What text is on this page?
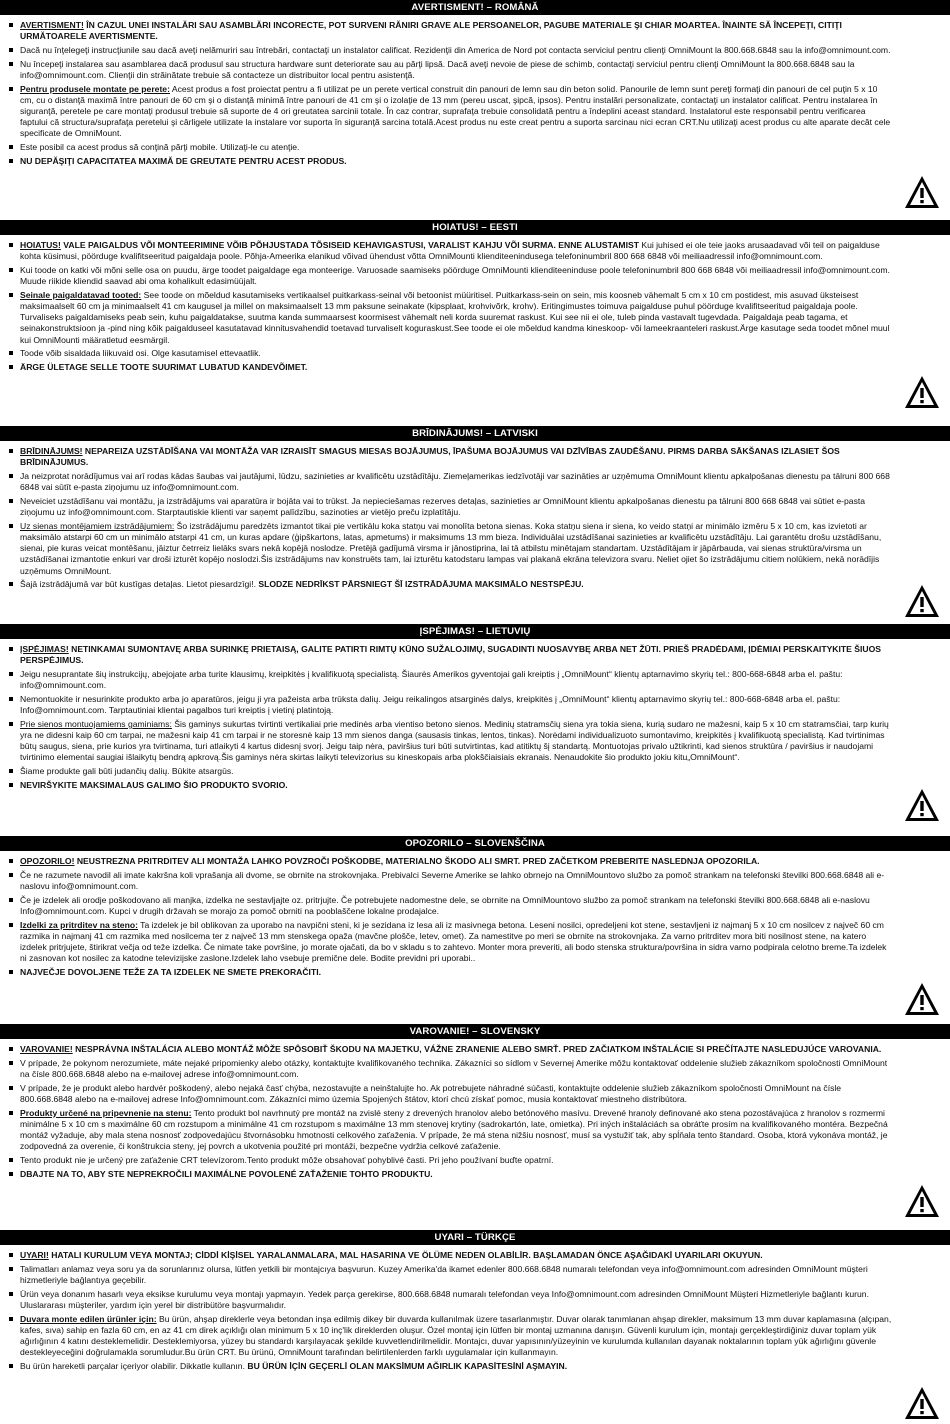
AVERTISMENT! – ROMÂNĂ
AVERTISMENT! ÎN CAZUL UNEI INSTALĂRI SAU ASAMBLĂRI INCORECTE, POT SURVENI RĂNIRI GRAVE ALE PERSOANELOR, PAGUBE MATERIALE ŞI CHIAR MOARTEA. ÎNAINTE SĂ ÎNCEPEŢI, CITIŢI URMĂTOARELE AVERTISMENTE.
Dacă nu înţelegeţi instrucţiunile sau dacă aveţi nelămuriri sau întrebări, contactaţi un instalator calificat. Rezidenţii din America de Nord pot contacta serviciul pentru clienţi OmniMount la 800.668.6848 sau la info@omnimount.com.
Nu începeţi instalarea sau asamblarea dacă produsul sau structura hardware sunt deteriorate sau au părţi lipsă. Dacă aveţi nevoie de piese de schimb, contactaţi serviciul pentru clienţi OmniMount la 800.668.6848 sau la info@omnimount.com. Clienţii din străinătate trebuie să contacteze un distribuitor local pentru asistenţă.
Pentru produsele montate pe perete: Acest produs a fost proiectat pentru a fi utilizat pe un perete vertical construit din panouri de lemn sau din beton solid. Panourile de lemn sunt pereţi formaţi din panouri de cel puţin 5 x 10 cm, cu o distanţă maximă între panouri de 60 cm şi o distanţă minimă între panouri de 41 cm şi o izolaţie de 13 mm (pereu uscat, şipcă, ipsos). Pentru instalări personalizate, contactaţi un instalator calificat. Pentru instalarea în siguranţă, peretele pe care montaţi produsul trebuie să suporte de 4 ori greutatea sarcinii totale. În caz contrar, suprafaţa trebuie consolidată pentru a îndeplini aceast standard. Instalatorul este responsabil pentru verificarea faptului că structura/suprafaţa peretelui şi cârligele utilizate la instalare vor suporta în siguranţă sarcina totală.Acest produs nu este creat pentru a suporta sarcinau nici ecran CRT.Nu utilizaţi acest produs cu alte aparate decât cele specificate de OmniMount.
Este posibil ca acest produs să conţină părţi mobile. Utilizaţi-le cu atenţie.
NU DEPĂŞIŢI CAPACITATEA MAXIMĂ DE GREUTATE PENTRU ACEST PRODUS.
HOIATUS! – EESTI
HOIATUS! VALE PAIGALDUS VÕI MONTEERIMINE VÕIB PÕHJUSTADA TÕSISEID KEHAVIGASTUSI, VARALIST KAHJU VÕI SURMA. ENNE ALUSTAMIST Kui juhised ei ole teie jaoks arusaadavad või teil on paigalduse kohta küsimusi, pöörduge kvalifitseeritud paigaldaja poole. Põhja-Ameerika elanikud võivad ühendust võtta OmniMounti klienditeenindusega telefoninumbril 800 668 6848 või meiliaadressil info@omnimount.com.
Kui toode on katki või mõni selle osa on puudu, ärge toodet paigaldage ega monteerige. Varuosade saamiseks pöörduge OmniMounti klienditeeninduse poole telefoninumbril 800 668 6848 või meiliaadressil info@omnimount.com. Muude riikide kliendid saavad abi oma kohalikult edasimüüjalt.
Seinale paigaldatavad tooted: See toode on mõeldud kasutamiseks vertikaalsel puitkarkass-seinal või betoonist müüritisel. Puitkarkass-sein on sein, mis koosneb vähemalt 5 cm x 10 cm postidest, mis asuvad üksteisest maksimaalselt 60 cm ja minimaalselt 41 cm kaugusel ja millel on maksimaalselt 13 mm paksune seinakate (kipsplaat, krohvivõrk, krohv). Eritingimustes toimuva paigalduse puhul pöörduge kvalifitseeritud paigaldaja poole. Turvaliseks paigaldamiseks peab sein, kuhu paigaldatakse, suutma kanda summaarsest koormisest vähemalt neli korda suuremat raskust. Kui see nii ei ole, tuleb pinda vastavalt tugevdada. Paigaldaja peab tagama, et seinakonstruktsioon ja -pind ning kõik paigalduseel kasutatavad kinnitusvahendid toetavad turvaliselt koguraskust.See toode ei ole mõeldud kandma kineskoop- või lameekraanteleri raskust.Ärge kasutage seda toodet mõnel muul kui OmniMounti määratletud eesmärgil.
Toode võib sisaldada liikuvaid osi. Olge kasutamisel ettevaatlik.
ÄRGE ÜLETAGE SELLE TOOTE SUURIMAT LUBATUD KANDEVÕIMET.
BRĪDINĀJUMS! – LATVISKI
BRĪDINĀJUMS! NEPAREIZA UZSTĀDĪŠANA VAI MONTĀŽA VAR IZRAISĪT SMAGUS MIESAS BOJĀJUMUS, ĪPAŠUMA BOJĀJUMUS VAI DZĪVĪBAS ZAUDĒŠANU. PIRMS DARBA SĀKŠANAS IZLASIET ŠOS BRĪDINĀJUMUS.
Ja neizprotat norādījumus vai arī rodas kādas šaubas vai jautājumi, lūdzu, sazinieties ar kvalificētu uzstādītāju. Ziemeļamerikas iedzīvotāji var sazināties ar uzņēmuma OmniMount klientu apkalpošanas dienestu pa tālruni 800 668 6848 vai sūtīt e-pasta ziņojumu uz info@omnimount.com.
Neveiciet uzstādīšanu vai montāžu, ja izstrādājums vai aparatūra ir bojāta vai to trūkst. Ja nepieciešamas rezerves detaļas, sazinieties ar OmniMount klientu apkalpošanas dienestu pa tālruni 800 668 6848 vai sūtiet e-pasta ziņojumu uz info@omnimount.com. Starptautiskie klienti var saņemt palīdzību, sazinoties ar vietējo preču izplatītāju.
Uz sienas montējamiem izstrādājumiem: Šo izstrādājumu paredzēts izmantot tikai pie vertikālu koka statņu vai monolīta betona sienas. Koka statņu siena ir siena, ko veido statņi ar minimālo izmēru 5 x 10 cm, kas izvietoti ar maksimālo atstarpi 60 cm un minimālo atstarpi 41 cm, un kuras apdare (ģipškartons, latas, apmetums) ir maksimums 13 mm bieza. Individuālai uzstādīšanai sazinieties ar kvalificētu uzstādītāju. Lai garantētu drošu uzstādīšanu, sienai, pie kuras veicat montēšanu, jāiztur četrreiz lielāks svars nekā kopējā noslodze. Pretējā gadījumā virsma ir jānostiprina, lai tā atbilstu minētajam standartam. Uzstādītājam ir jāpārbauda, vai sienas struktūra/virsma un uzstādīšanai izmantotie enkuri var droši izturēt kopējo noslodzi.Šis izstrādājums nav konstruēts tam, lai izturētu katodstaru lampas vai plakanā ekrāna televizora svaru. Neliet ojiet šo izstrādājumu citiem nolūkiem, nekā norādījis uzņēmums OmniMount.
Šajā izstrādājumā var būt kustīgas detaļas. Lietot piesardzīgi!. SLODZE NEDRĪKST PĀRSNIEGT ŠĪ IZSTRĀDĀJUMA MAKSIMĀLO NESTSPĒJU.
ĮSPĖJIMAS! – LIETUVIŲ
ĮSPĖJIMAS! NETINKAMAI SUMONTAVĘ ARBA SURINKĘ PRIETAISĄ, GALITE PATIRTI RIMTŲ KŪNO SUŽALOJIMŲ, SUGADINTI NUOSAVYBĘ ARBA NET ŽŪTI. PRIEŠ PRADĖDAMI, ĮDĖMIAI PERSKAITYKITE ŠIUOS PERSPĖJIMUS.
Jeigu nesuprantate šių instrukcijų, abejojate arba turite klausimų, kreipkitės į kvalifikuotą specialistą. Šiaurės Amerikos gyventojai gali kreiptis į „OmniMount“ klientų aptarnavimo skyrių tel.: 800-668-6848 arba el. paštu: info@omnimount.com.
Nemontuokite ir nesurinkite produkto arba jo aparatūros, jeigu ji yra pažeista arba trūksta dalių. Jeigu reikalingos atsarginės dalys, kreipkitės į „OmniMount“ klientų aptarnavimo skyrių tel.: 800-668-6848 arba el. paštu: Info@omnimount.com. Tarptautiniai klientai pagalbos turi kreiptis į vietinį platintoją.
Prie sienos montuojamiems gaminiams: Šis gaminys sukurtas tvirtinti vertikaliai prie medinės arba vientiso betono sienos. Medinių statramsčių siena yra tokia siena, kurią sudaro ne mažesni, kaip 5 x 10 cm statramsčiai, tarp kurių yra ne didesni kaip 60 cm tarpai, ne mažesni kaip 41 cm tarpai ir ne storesnė kaip 13 mm sienos danga (sausasis tinkas, lentos, tinkas). Norėdami individualizuoto sumontavimo, kreipkitės į kvalifikuotą specialistą. Kad tvirtinimas būtų saugus, siena, prie kurios yra tvirtinama, turi atlaikyti 4 kartus didesnį svorį. Jeigu taip nėra, paviršius turi būti sutvirtintas, kad atitiktų šį standartą. Montuotojas privalo užtikrinti, kad sienos struktūra / paviršius ir naudojami tvirtinimo elementai saugiai išlaikytų bendrą apkrovą.Šis gaminys nėra skirtas laikyti televizorius su kineskopais arba plokščiaisiais ekranais. Nenaudokite šio produkto jokiu kitu„OmniMount“.
Šiame produkte gali būti judančių dalių. Būkite atsargūs.
NEVIRŠYKITE MAKSIMALAUS GALIMO ŠIO PRODUKTO SVORIO.
OPOZORILO – SLOVENŠČINA
OPOZORILO! NEUSTREZNA PRITRDITEV ALI MONTAŽA LAHKO POVZROČI POŠKODBE, MATERIALNO ŠKODO ALI SMRT. PRED ZAČETKOM PREBERITE NASLEDNJA OPOZORILA.
Če ne razumete navodil ali imate kakršna koli vprašanja ali dvome, se obrnite na strokovnjaka. Prebivalci Severne Amerike se lahko obrnejo na OmniMountovo službo za pomoč strankam na telefonski številki 800.668.6848 ali e-naslovu info@omnimount.com.
Če je izdelek ali orodje poškodovano ali manjka, izdelka ne sestavljajte oz. pritrjujte. Če potrebujete nadomestne dele, se obrnite na OmniMountovo službo za pomoč strankam na telefonski številki 800.668.6848 ali e-naslovu Info@omnimount.com. Kupci v drugih državah se morajo za pomoč obrniti na pooblaščene lokalne prodajalce.
Izdelki za pritrditev na steno: Ta izdelek je bil oblikovan za uporabo na navpični steni, ki je sezidana iz lesa ali iz masivnega betona. Leseni nosilci, opredeljeni kot stene, sestavljeni iz najmanj 5 x 10 cm nosilcev z največ 60 cm razmika in najmanj 41 cm razmika med nosilcema ter z največ 13 mm stenskega opaža (mavčne plošče, letev, omet). Za namestitve po meri se obrnite na strokovnjaka. Za varno pritrditev mora biti nosilnost stene, na katero izdelek pritrjujete, štirikrat večja od teže izdelka. Če nimate take površine, jo morate ojačati, da bo v skladu s to zahtevo. Monter mora preveriti, ali bodo stenska struktura/površina in sidra varno podpirala celotno breme.Ta izdelek ni zasnovan kot nosilec za katodne televizijske zaslone.Izdelek laho vsebuje premične dele. Bodite previdni pri uporabi..
NAJVEČJE DOVOLJENE TEŽE ZA TA IZDELEK NE SMETE PREKORAČITI.
VAROVANIE! – SLOVENSKY
VAROVANIE! NESPRÁVNA INŠTALÁCIA ALEBO MONTÁŽ MÔŽE SPÔSOBIŤ ŠKODU NA MAJETKU, VÁŽNE ZRANENIE ALEBO SMRŤ. PRED ZAČIATKOM INŠTALÁCIE SI PREČÍTAJTE NASLEDUJÚCE VAROVANIA.
V prípade, že pokynom nerozumiete, máte nejaké pripomienky alebo otázky, kontaktujte kvalifikovaného technika. Zákazníci so sídlom v Severnej Amerike môžu kontaktovať oddelenie služieb zákazníkom spoločnosti OmniMount na čísle 800.668.6848 alebo na e-mailovej adrese info@omnimount.com.
V prípade, že je produkt alebo hardvér poškodený, alebo nejaká časť chýba, nezostavujte a neinštalujte ho. Ak potrebujete náhradné súčasti, kontaktujte oddelenie služieb zákazníkom spoločnosti OmniMount na čísle 800.668.6848 alebo na e-mailovej adrese Info@omnimount.com. Zákazníci mimo územia Spojených štátov, ktorí chcú získať pomoc, musia kontaktovať miestneho distribútora.
Produkty určené na pripevnenie na stenu: Tento produkt bol navrhnutý pre montáž na zvislé steny z drevených hranolov alebo betónového masívu. Drevené hranoly definované ako stena pozostávajúca z hranolov s rozmermi minimálne 5 x 10 cm s maximálne 60 cm rozstupom a minimálne 41 cm rozstupom s maximálne 13 mm stenovej krytiny (sadrokartón, late, omietka). Pri iných inštaláciách sa obráťte prosím na kvalifikovaného montéra. Bezpečná montáž vyžaduje, aby mala stena nosnosť zodpovedajúcu štvornásobku hmotnosti celkového zaťaženia. V prípade, že má stena nižšiu nosnosť, musí sa vystužiť tak, aby spĺňala tento štandard. Osoba, ktorá vykonáva montáž, je zodpovedná za overenie, či konštrukcia steny, jej povrch a ukotvenia použité pri montáži, bezpečne vydržia celkové zaťaženie.
Tento produkt nie je určený pre zaťaženie CRT televízorom.Tento produkt môže obsahovať pohyblivé časti. Pri jeho používaní buďte opatrní.
DBAJTE NA TO, ABY STE NEPREKROČILI MAXIMÁLNE POVOLENÉ ZAŤAŽENIE TOHTO PRODUKTU.
UYARI – TÜRKÇE
UYARI! HATALI KURULUM VEYA MONTAJ; CİDDİ KİŞİSEL YARALANMALARA, MAL HASARINA VE ÖLÜME NEDEN OLABİLİR. BAŞLAMADAN ÖNCE AŞAĞIDAKİ UYARILARI OKUYUN.
Talimatları anlamaz veya soru ya da sorunlarınız olursa, lütfen yetkili bir montajcıya başvurun. Kuzey Amerika'da ikamet edenler 800.668.6848 numaralı telefondan veya info@omnimount.com adresinden OmniMount müşteri hizmetleriyle bağlantıya geçebilir.
Ürün veya donanım hasarlı veya eksikse kurulumu veya montajı yapmayın. Yedek parça gerekirse, 800.668.6848 numaralı telefondan veya Info@omnimount.com adresinden OmniMount Müşteri Hizmetleriyle bağlantı kurun. Uluslararası müşteriler, yardım için yerel bir distribütöre başvurmalıdır.
Duvara monte edilen ürünler için: Bu ürün, ahşap direklerle veya betondan inşa edilmiş dikey bir duvarda kullanılmak üzere tasarlanmıştır. Duvar olarak tanımlanan ahşap direkler, maksimum 13 mm duvar kaplamasına (alçıpan, kafes, sıva) sahip en fazla 60 cm, en az 41 cm direk açıklığı olan minimum 5 x 10 inç'lik direklerden oluşur. Özel montaj için lütfen bir montaj uzmanına danışın. Güvenli kurulum için, montajı gerçekleştirdiğiniz duvar toplam yük ağırlığının 4 katını desteklemelidir. Desteklemiyorsa, yüzey bu standardı karşılayacak şekilde kuvvetlendirilmelidir. Montajcı, duvar yapısının/yüzeyinin ve kurulumda kullanılan dayanak noktalarının toplam yük ağırlığını güvenle destekleyeceğini doğrulamakla sorumludur.Bu ürün CRT. Bu ürünü, OmniMount tarafından belirtilenlerden farklı uygulamalar için kullanmayın.
Bu ürün hareketli parçalar içeriyor olabilir. Dikkatle kullanın. BU ÜRÜN İÇİN GEÇERLİ OLAN MAKSİMUM AĞIRLIK KAPASİTESİNİ AŞMAYIN.
